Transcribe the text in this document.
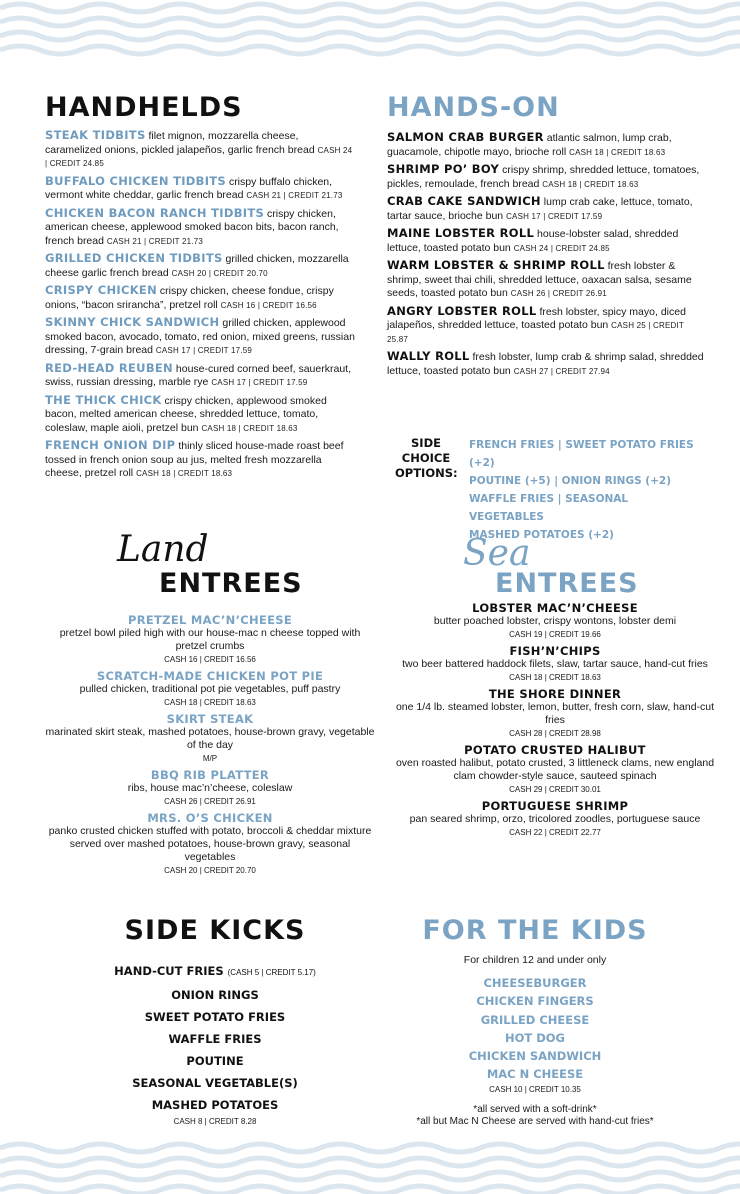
HANDHELDS
STEAK TIDBITS filet mignon, mozzarella cheese, caramelized onions, pickled jalapeños, garlic french bread CASH 24 | CREDIT 24.85
BUFFALO CHICKEN TIDBITS crispy buffalo chicken, vermont white cheddar, garlic french bread CASH 21 | CREDIT 21.73
CHICKEN BACON RANCH TIDBITS crispy chicken, american cheese, applewood smoked bacon bits, bacon ranch, french bread CASH 21 | CREDIT 21.73
GRILLED CHICKEN TIDBITS grilled chicken, mozzarella cheese garlic french bread CASH 20 | CREDIT 20.70
CRISPY CHICKEN crispy chicken, cheese fondue, crispy onions, “bacon srirancha”, pretzel roll CASH 16 | CREDIT 16.56
SKINNY CHICK SANDWICH grilled chicken, applewood smoked bacon, avocado, tomato, red onion, mixed greens, russian dressing, 7-grain bread CASH 17 | CREDIT 17.59
RED-HEAD REUBEN house-cured corned beef, sauerkraut, swiss, russian dressing, marble rye CASH 17 | CREDIT 17.59
THE THICK CHICK crispy chicken, applewood smoked bacon, melted american cheese, shredded lettuce, tomato, coleslaw, maple aioli, pretzel bun CASH 18 | CREDIT 18.63
FRENCH ONION DIP thinly sliced house-made roast beef tossed in french onion soup au jus, melted fresh mozzarella cheese, pretzel roll CASH 18 | CREDIT 18.63
HANDS-ON
SALMON CRAB BURGER atlantic salmon, lump crab, guacamole, chipotle mayo, brioche roll CASH 18 | CREDIT 18.63
SHRIMP PO’ BOY crispy shrimp, shredded lettuce, tomatoes, pickles, remoulade, french bread CASH 18 | CREDIT 18.63
CRAB CAKE SANDWICH lump crab cake, lettuce, tomato, tartar sauce, brioche bun CASH 17 | CREDIT 17.59
MAINE LOBSTER ROLL house-lobster salad, shredded lettuce, toasted potato bun CASH 24 | CREDIT 24.85
WARM LOBSTER & SHRIMP ROLL fresh lobster & shrimp, sweet thai chili, shredded lettuce, oaxacan salsa, sesame seeds, toasted potato bun CASH 26 | CREDIT 26.91
ANGRY LOBSTER ROLL fresh lobster, spicy mayo, diced jalapeños, shredded lettuce, toasted potato bun CASH 25 | CREDIT 25.87
WALLY ROLL fresh lobster, lump crab & shrimp salad, shredded lettuce, toasted potato bun CASH 27 | CREDIT 27.94
SIDE CHOICE OPTIONS:
FRENCH FRIES | SWEET POTATO FRIES (+2)
POUTINE (+5) | ONION RINGS (+2)
WAFFLE FRIES | SEASONAL VEGETABLES
MASHED POTATOES (+2)
Land
ENTREES
PRETZEL MAC’N’CHEESE
pretzel bowl piled high with our house-mac n cheese topped with pretzel crumbs
CASH 16 | CREDIT 16.56
SCRATCH-MADE CHICKEN POT PIE
pulled chicken, traditional pot pie vegetables, puff pastry
CASH 18 | CREDIT 18.63
SKIRT STEAK
marinated skirt steak, mashed potatoes, house-brown gravy, vegetable of the day
M/P
BBQ RIB PLATTER
ribs, house mac’n’cheese, coleslaw
CASH 26 | CREDIT 26.91
MRS. O’S CHICKEN
panko crusted chicken stuffed with potato, broccoli & cheddar mixture served over mashed potatoes, house-brown gravy, seasonal vegetables
CASH 20 | CREDIT 20.70
Sea
ENTREES
LOBSTER MAC’N’CHEESE
butter poached lobster, crispy wontons, lobster demi
CASH 19 | CREDIT 19.66
FISH’N’CHIPS
two beer battered haddock filets, slaw, tartar sauce, hand-cut fries
CASH 18 | CREDIT 18.63
THE SHORE DINNER
one 1/4 lb. steamed lobster, lemon, butter, fresh corn, slaw, hand-cut fries
CASH 28 | CREDIT 28.98
POTATO CRUSTED HALIBUT
oven roasted halibut, potato crusted, 3 littleneck clams, new england clam chowder-style sauce, sauteed spinach
CASH 29 | CREDIT 30.01
PORTUGUESE SHRIMP
pan seared shrimp, orzo, tricolored zoodles, portuguese sauce
CASH 22 | CREDIT 22.77
SIDE KICKS
HAND-CUT FRIES (CASH 5 | CREDIT 5.17)
ONION RINGS
SWEET POTATO FRIES
WAFFLE FRIES
POUTINE
SEASONAL VEGETABLE(S)
MASHED POTATOES
CASH 8 | CREDIT 8.28
FOR THE KIDS
For children 12 and under only
CHEESEBURGER
CHICKEN FINGERS
GRILLED CHEESE
HOT DOG
CHICKEN SANDWICH
MAC N CHEESE
CASH 10 | CREDIT 10.35
*all served with a soft-drink*
*all but Mac N Cheese are served with hand-cut fries*
